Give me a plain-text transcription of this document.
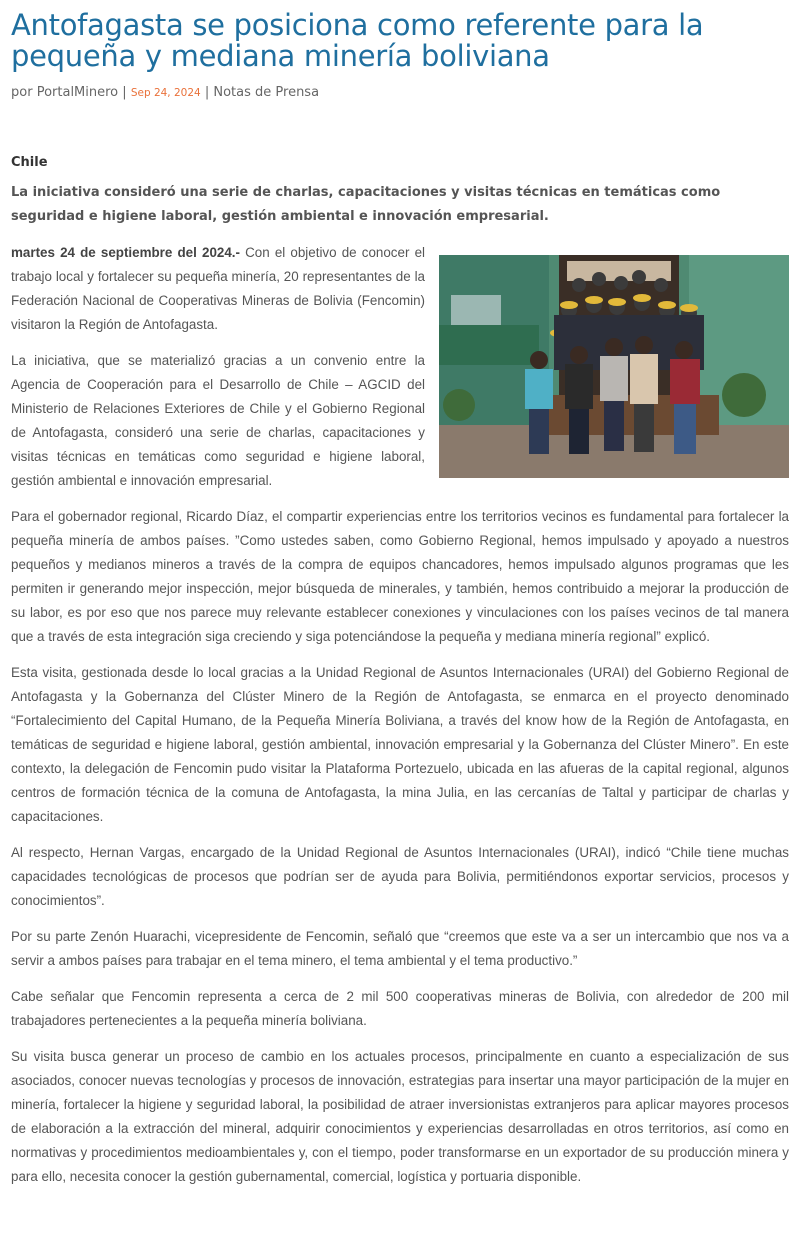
Antofagasta se posiciona como referente para la pequeña y mediana minería boliviana
por PortalMinero | Sep 24, 2024 | Notas de Prensa
Chile
La iniciativa consideró una serie de charlas, capacitaciones y visitas técnicas en temáticas como seguridad e higiene laboral, gestión ambiental e innovación empresarial.

martes 24 de septiembre del 2024.- Con el objetivo de conocer el trabajo local y fortalecer su pequeña minería, 20 representantes de la Federación Nacional de Cooperativas Mineras de Bolivia (Fencomin) visitaron la Región de Antofagasta.

La iniciativa, que se materializó gracias a un convenio entre la Agencia de Cooperación para el Desarrollo de Chile – AGCID del Ministerio de Relaciones Exteriores de Chile y el Gobierno Regional de Antofagasta, consideró una serie de charlas, capacitaciones y visitas técnicas en temáticas como seguridad e higiene laboral, gestión ambiental e innovación empresarial.

Para el gobernador regional, Ricardo Díaz, el compartir experiencias entre los territorios vecinos es fundamental para fortalecer la pequeña minería de ambos países. ”Como ustedes saben, como Gobierno Regional, hemos impulsado y apoyado a nuestros pequeños y medianos mineros a través de la compra de equipos chancadores, hemos impulsado algunos programas que les permiten ir generando mejor inspección, mejor búsqueda de minerales, y también, hemos contribuido a mejorar la producción de su labor, es por eso que nos parece muy relevante establecer conexiones y vinculaciones con los países vecinos de tal manera que a través de esta integración siga creciendo y siga potenciándose la pequeña y mediana minería regional” explicó.

Esta visita, gestionada desde lo local gracias a la Unidad Regional de Asuntos Internacionales (URAI) del Gobierno Regional de Antofagasta y la Gobernanza del Clúster Minero de la Región de Antofagasta, se enmarca en el proyecto denominado “Fortalecimiento del Capital Humano, de la Pequeña Minería Boliviana, a través del know how de la Región de Antofagasta, en temáticas de seguridad e higiene laboral, gestión ambiental, innovación empresarial y la Gobernanza del Clúster Minero”. En este contexto, la delegación de Fencomin pudo visitar la Plataforma Portezuelo, ubicada en las afueras de la capital regional, algunos centros de formación técnica de la comuna de Antofagasta, la mina Julia, en las cercanías de Taltal y participar de charlas y capacitaciones.

Al respecto, Hernan Vargas, encargado de la Unidad Regional de Asuntos Internacionales (URAI), indicó “Chile tiene muchas capacidades tecnológicas de procesos que podrían ser de ayuda para Bolivia, permitiéndonos exportar servicios, procesos y conocimientos”.

Por su parte Zenón Huarachi, vicepresidente de Fencomin, señaló que “creemos que este va a ser un intercambio que nos va a servir a ambos países para trabajar en el tema minero, el tema ambiental y el tema productivo.”

Cabe señalar que Fencomin representa a cerca de 2 mil 500 cooperativas mineras de Bolivia, con alrededor de 200 mil trabajadores pertenecientes a la pequeña minería boliviana.

Su visita busca generar un proceso de cambio en los actuales procesos, principalmente en cuanto a especialización de sus asociados, conocer nuevas tecnologías y procesos de innovación, estrategias para insertar una mayor participación de la mujer en minería, fortalecer la higiene y seguridad laboral, la posibilidad de atraer inversionistas extranjeros para aplicar mayores procesos de elaboración a la extracción del mineral, adquirir conocimientos y experiencias desarrolladas en otros territorios, así como en normativas y procedimientos medioambientales y, con el tiempo, poder transformarse en un exportador de su producción minera y para ello, necesita conocer la gestión gubernamental, comercial, logística y portuaria disponible.
